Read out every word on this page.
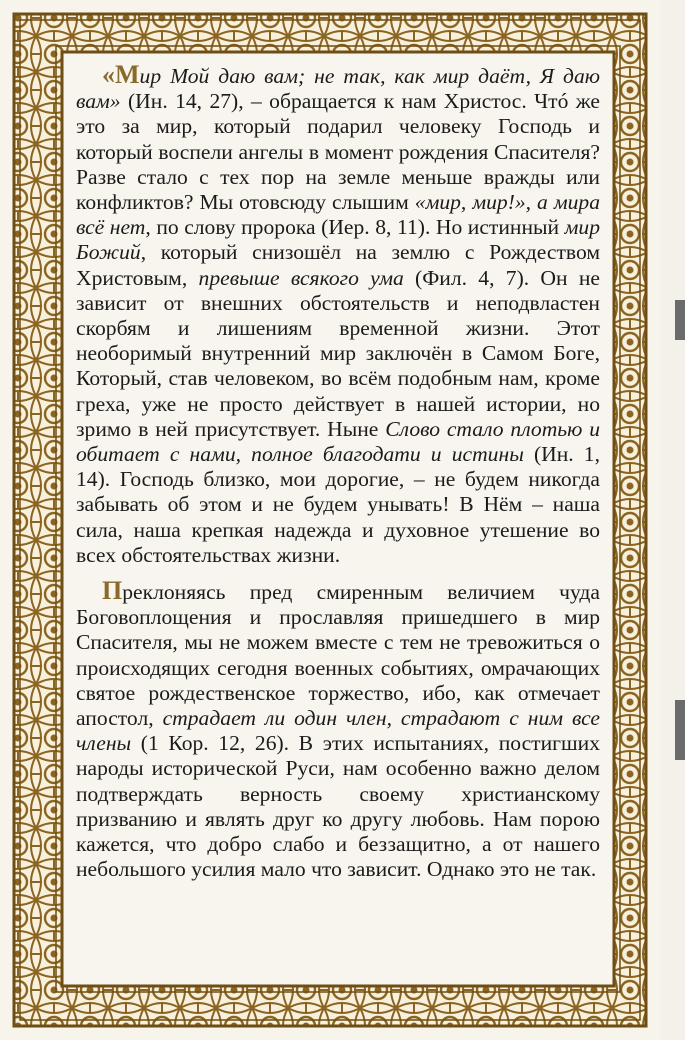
«Мир Мой даю вам; не так, как мир даёт, Я даю вам» (Ин. 14, 27), – обращается к нам Христос. Чтó же это за мир, который подарил человеку Господь и который воспели ангелы в момент рождения Спасителя? Разве стало с тех пор на земле меньше вражды или конфликтов? Мы отовсюду слышим «мир, мир!», а мира всё нет, по слову пророка (Иер. 8, 11). Но истинный мир Божий, который снизошёл на землю с Рождеством Христовым, превыше всякого ума (Фил. 4, 7). Он не зависит от внешних обстоятельств и неподвластен скорбям и лишениям временной жизни. Этот необоримый внутренний мир заключён в Самом Боге, Который, став человеком, во всём подобным нам, кроме греха, уже не просто действует в нашей истории, но зримо в ней присутствует. Ныне Слово стало плотью и обитает с нами, полное благодати и истины (Ин. 1, 14). Господь близко, мои дорогие, – не будем никогда забывать об этом и не будем унывать! В Нём – наша сила, наша крепкая надежда и духовное утешение во всех обстоятельствах жизни.

Преклоняясь пред смиренным величием чуда Боговоплощения и прославляя пришедшего в мир Спасителя, мы не можем вместе с тем не тревожиться о происходящих сегодня военных событиях, омрачающих святое рождественское торжество, ибо, как отмечает апостол, страдает ли один член, страдают с ним все члены (1 Кор. 12, 26). В этих испытаниях, постигших народы исторической Руси, нам особенно важно делом подтверждать верность своему христианскому призванию и являть друг ко другу любовь. Нам порою кажется, что добро слабо и беззащитно, а от нашего небольшого усилия мало что зависит. Однако это не так.
